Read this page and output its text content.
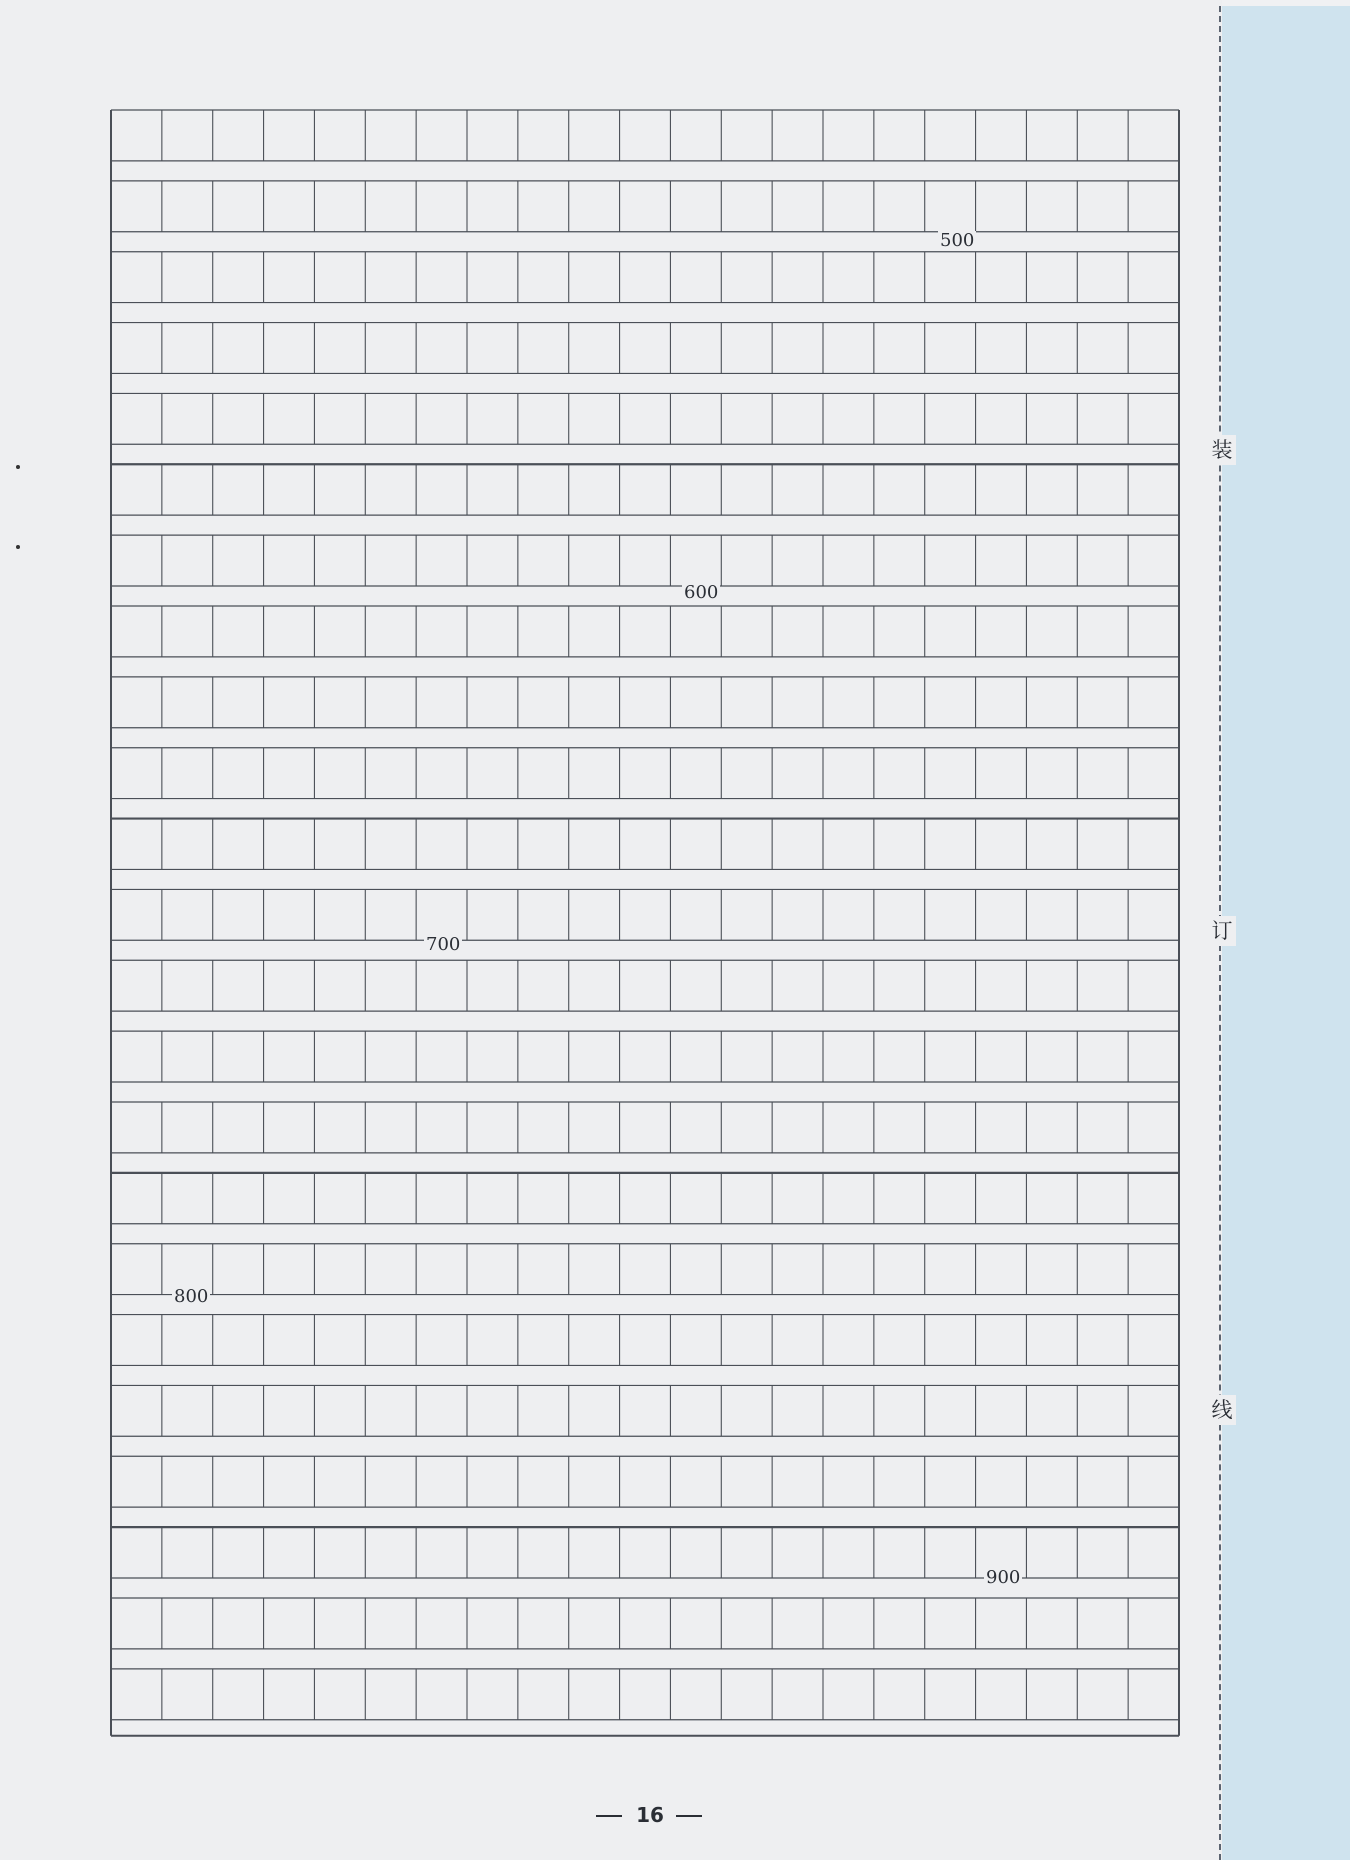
装
订
线
500
600
700
800
900
16
